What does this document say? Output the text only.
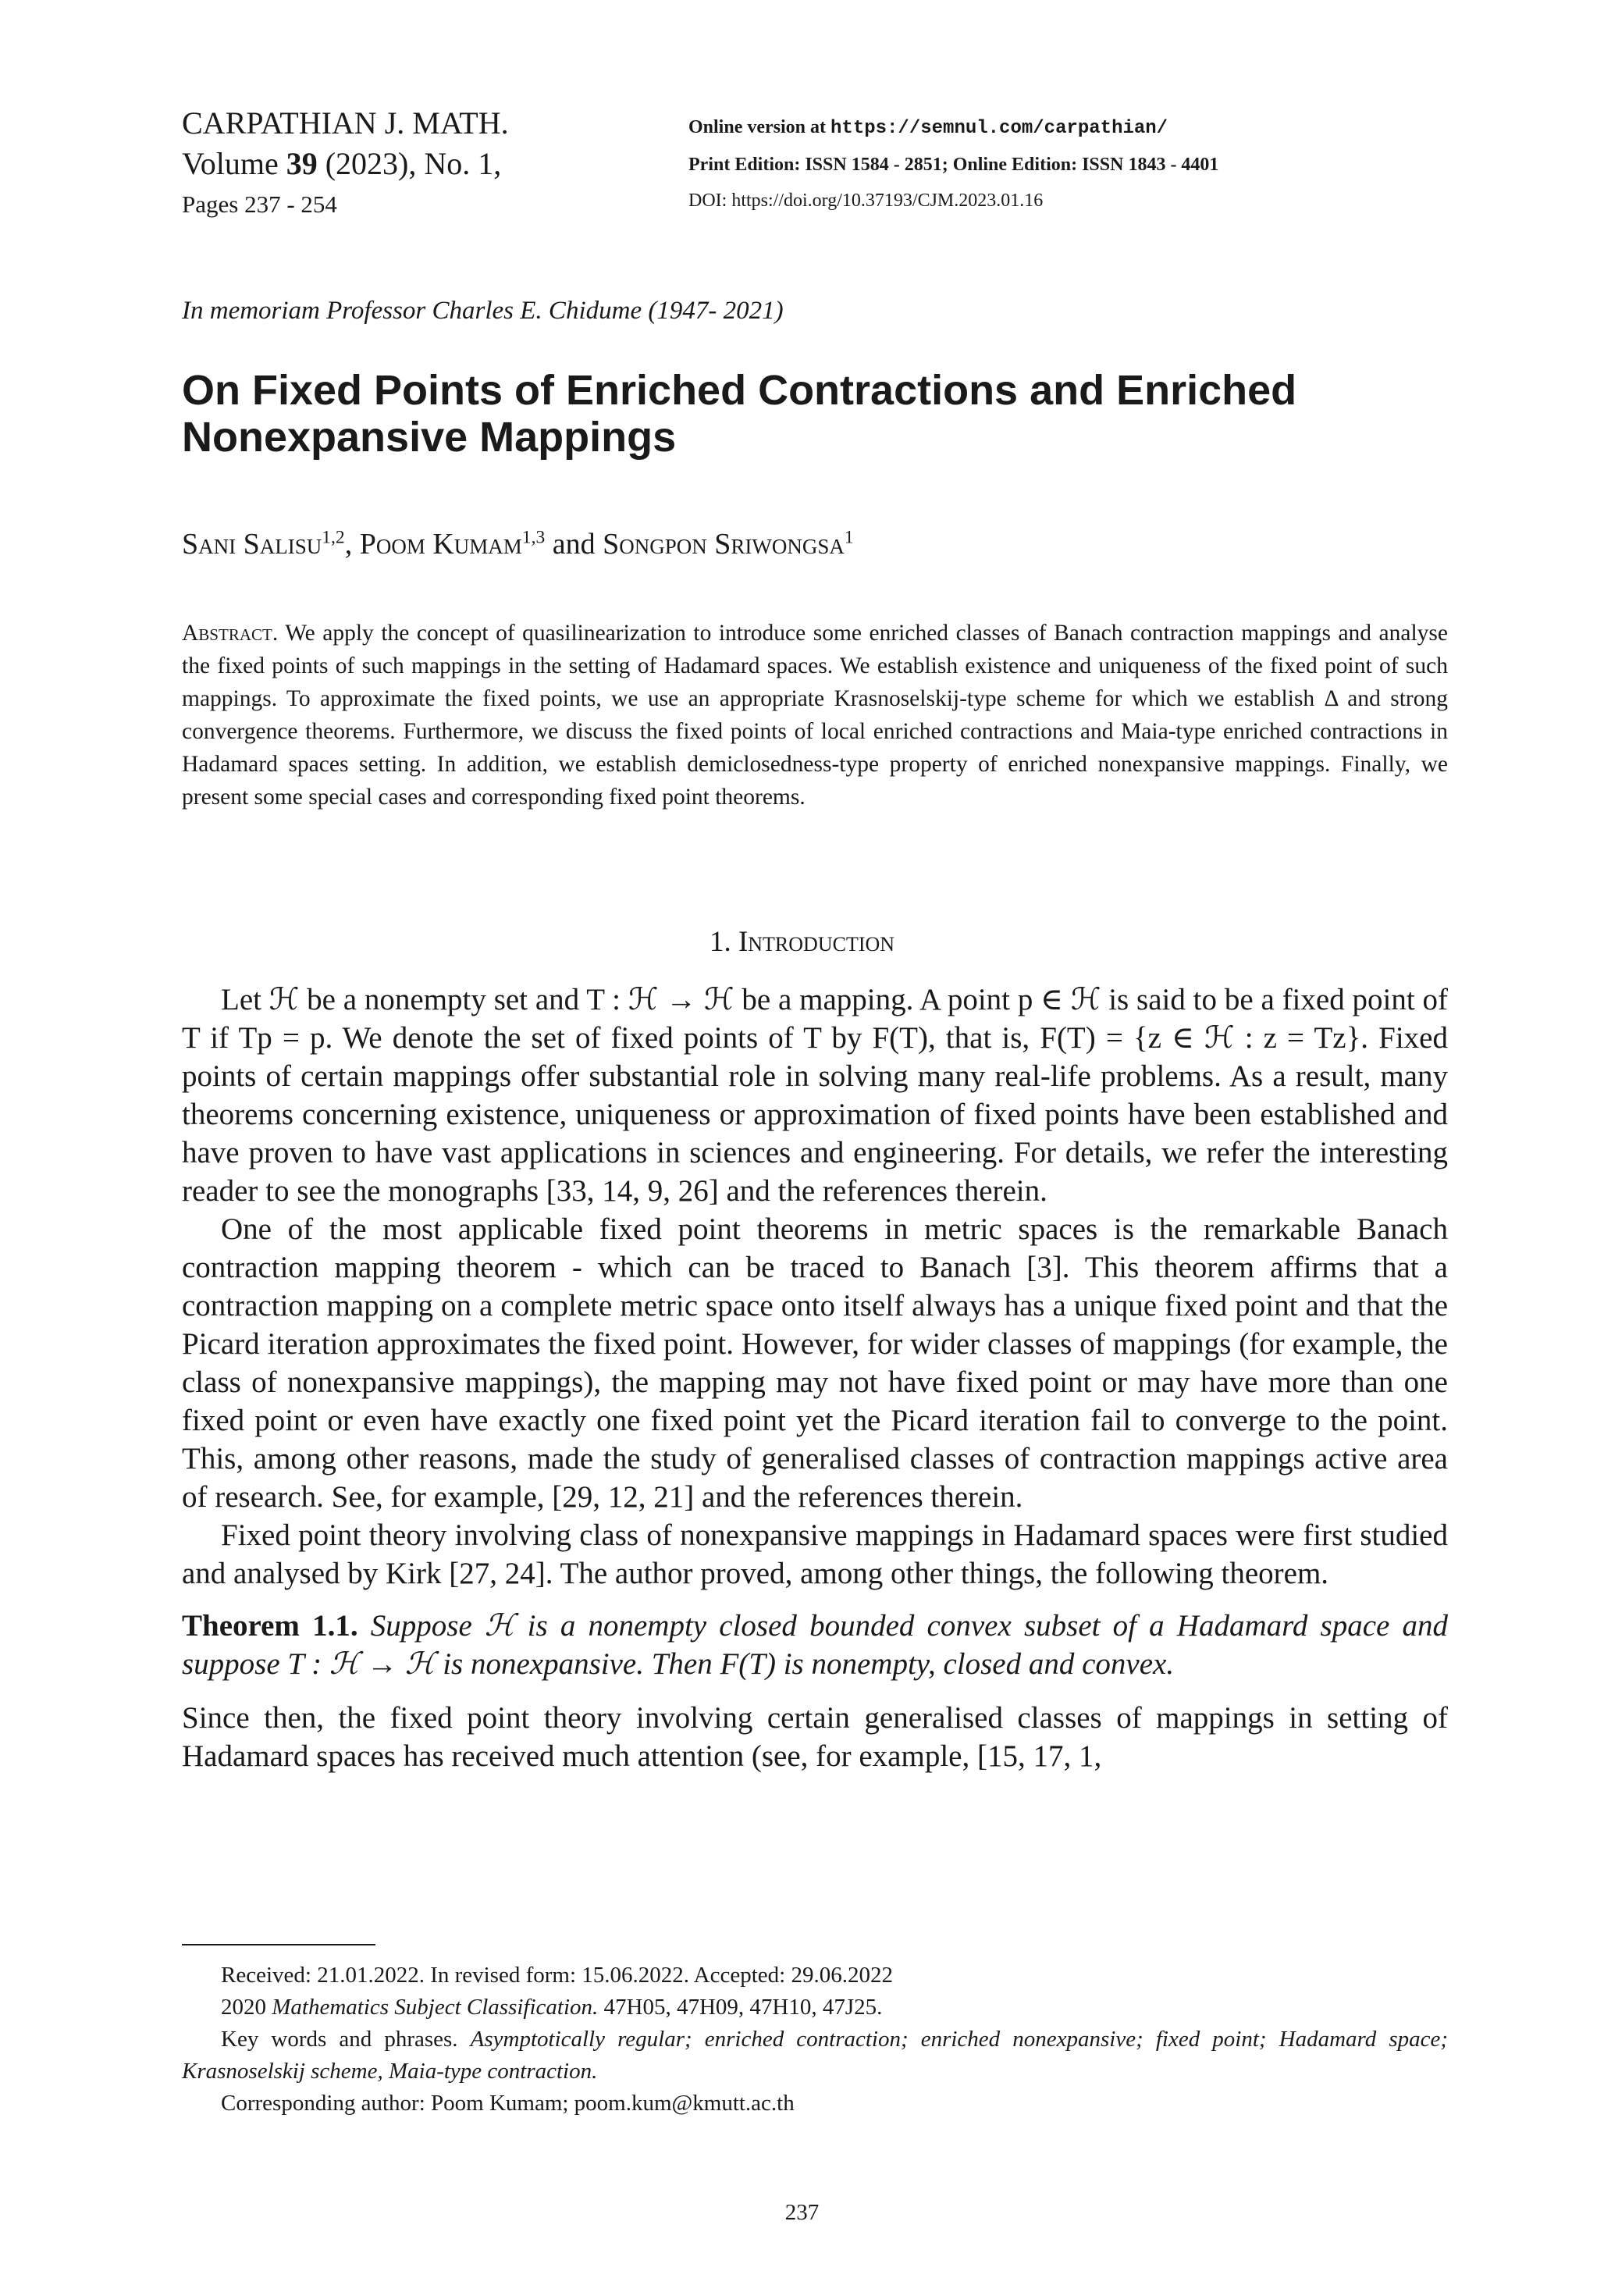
CARPATHIAN J. MATH.
Volume 39 (2023), No. 1,
Pages 237 - 254
Online version at https://semnul.com/carpathian/
Print Edition: ISSN 1584 - 2851; Online Edition: ISSN 1843 - 4401
DOI: https://doi.org/10.37193/CJM.2023.01.16
In memoriam Professor Charles E. Chidume (1947- 2021)
On Fixed Points of Enriched Contractions and Enriched Nonexpansive Mappings
Sani Salisu$^{1,2}$, Poom Kumam$^{1,3}$ and Songpon Sriwongsa$^1$
Abstract. We apply the concept of quasilinearization to introduce some enriched classes of Banach contraction mappings and analyse the fixed points of such mappings in the setting of Hadamard spaces. We establish existence and uniqueness of the fixed point of such mappings. To approximate the fixed points, we use an appropriate Krasnoselskij-type scheme for which we establish Δ and strong convergence theorems. Furthermore, we discuss the fixed points of local enriched contractions and Maia-type enriched contractions in Hadamard spaces setting. In addition, we establish demiclosedness-type property of enriched nonexpansive mappings. Finally, we present some special cases and corresponding fixed point theorems.
1. Introduction

Let ℋ be a nonempty set and T : ℋ → ℋ be a mapping. A point p ∈ ℋ is said to be a fixed point of T if Tp = p. We denote the set of fixed points of T by F(T), that is, F(T) = {z ∈ ℋ : z = Tz}. Fixed points of certain mappings offer substantial role in solving many real-life problems. As a result, many theorems concerning existence, uniqueness or approximation of fixed points have been established and have proven to have vast applications in sciences and engineering. For details, we refer the interesting reader to see the monographs [33, 14, 9, 26] and the references therein.

One of the most applicable fixed point theorems in metric spaces is the remarkable Banach contraction mapping theorem - which can be traced to Banach [3]. This theorem affirms that a contraction mapping on a complete metric space onto itself always has a unique fixed point and that the Picard iteration approximates the fixed point. However, for wider classes of mappings (for example, the class of nonexpansive mappings), the mapping may not have fixed point or may have more than one fixed point or even have exactly one fixed point yet the Picard iteration fail to converge to the point. This, among other reasons, made the study of generalised classes of contraction mappings active area of research. See, for example, [29, 12, 21] and the references therein.

Fixed point theory involving class of nonexpansive mappings in Hadamard spaces were first studied and analysed by Kirk [27, 24]. The author proved, among other things, the following theorem.

Theorem 1.1. Suppose ℋ is a nonempty closed bounded convex subset of a Hadamard space and suppose T : ℋ → ℋ is nonexpansive. Then F(T) is nonempty, closed and convex.

Since then, the fixed point theory involving certain generalised classes of mappings in setting of Hadamard spaces has received much attention (see, for example, [15, 17, 1,

Received: 21.01.2022. In revised form: 15.06.2022. Accepted: 29.06.2022

2020 Mathematics Subject Classification. 47H05, 47H09, 47H10, 47J25.

Key words and phrases. Asymptotically regular; enriched contraction; enriched nonexpansive; fixed point; Hadamard space; Krasnoselskij scheme, Maia-type contraction.

Corresponding author: Poom Kumam; poom.kum@kmutt.ac.th

237
